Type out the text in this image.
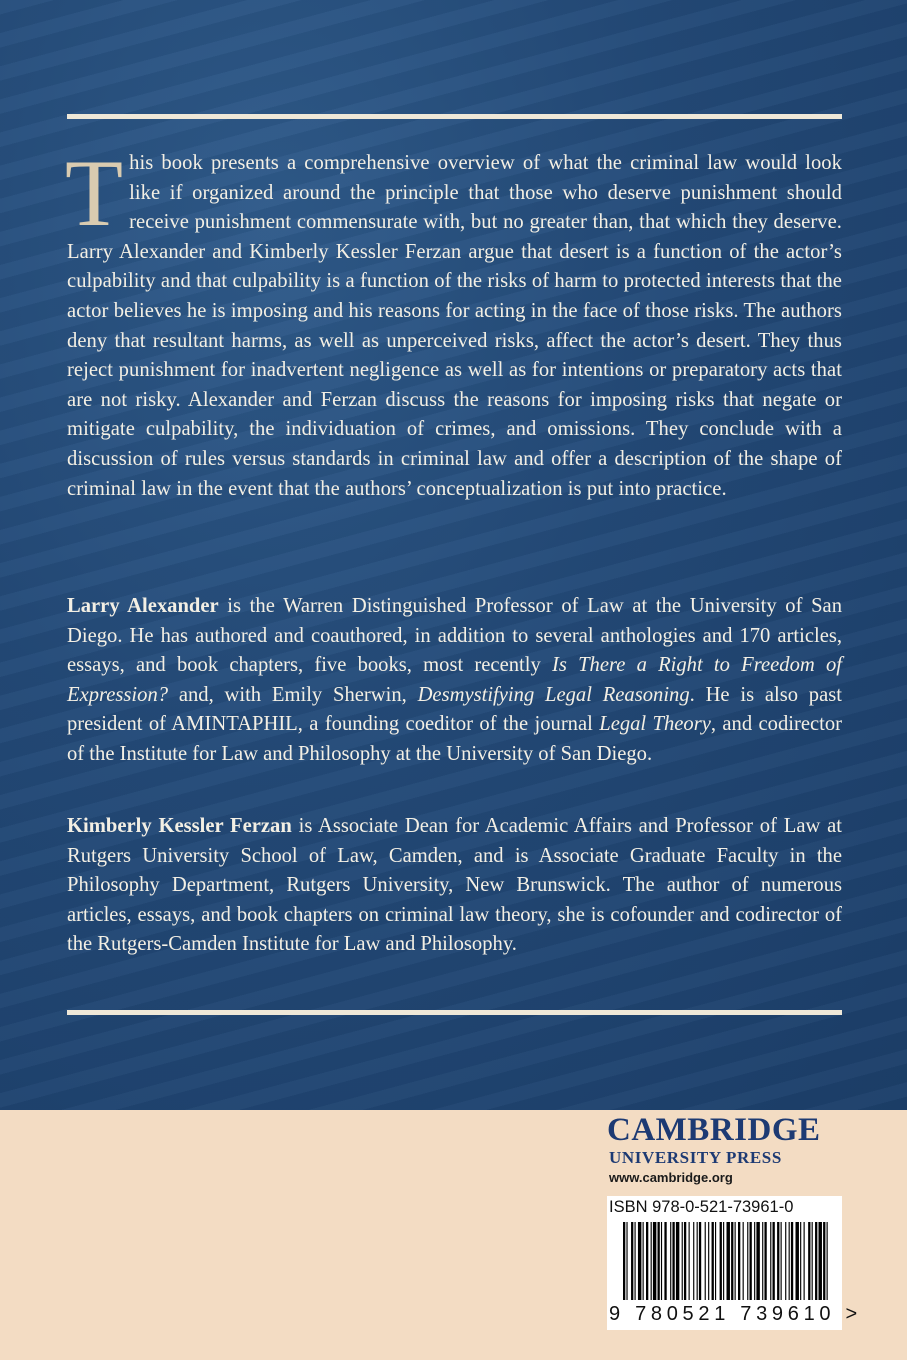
This book presents a comprehensive overview of what the criminal law would look like if organized around the principle that those who deserve punishment should receive punishment commensurate with, but no greater than, that which they deserve. Larry Alexander and Kimberly Kessler Ferzan argue that desert is a function of the actor’s culpability and that culpability is a function of the risks of harm to protected interests that the actor believes he is imposing and his reasons for acting in the face of those risks. The authors deny that resultant harms, as well as unperceived risks, affect the actor’s desert. They thus reject punishment for inadvertent negligence as well as for intentions or preparatory acts that are not risky. Alexander and Ferzan discuss the reasons for imposing risks that negate or mitigate culpability, the individuation of crimes, and omissions. They conclude with a discussion of rules versus standards in criminal law and offer a description of the shape of criminal law in the event that the authors’ conceptualization is put into practice.
Larry Alexander is the Warren Distinguished Professor of Law at the University of San Diego. He has authored and coauthored, in addition to several anthologies and 170 articles, essays, and book chapters, five books, most recently Is There a Right to Freedom of Expression? and, with Emily Sherwin, Desmystifying Legal Reasoning. He is also past president of AMINTAPHIL, a founding coeditor of the journal Legal Theory, and codirector of the Institute for Law and Philosophy at the University of San Diego.
Kimberly Kessler Ferzan is Associate Dean for Academic Affairs and Professor of Law at Rutgers University School of Law, Camden, and is Associate Graduate Faculty in the Philosophy Department, Rutgers University, New Brunswick. The author of numerous articles, essays, and book chapters on criminal law theory, she is cofounder and codirector of the Rutgers-Camden Institute for Law and Philosophy.
CAMBRIDGE
UNIVERSITY PRESS
www.cambridge.org
ISBN 978-0-521-73961-0
9 780521 739610 >
